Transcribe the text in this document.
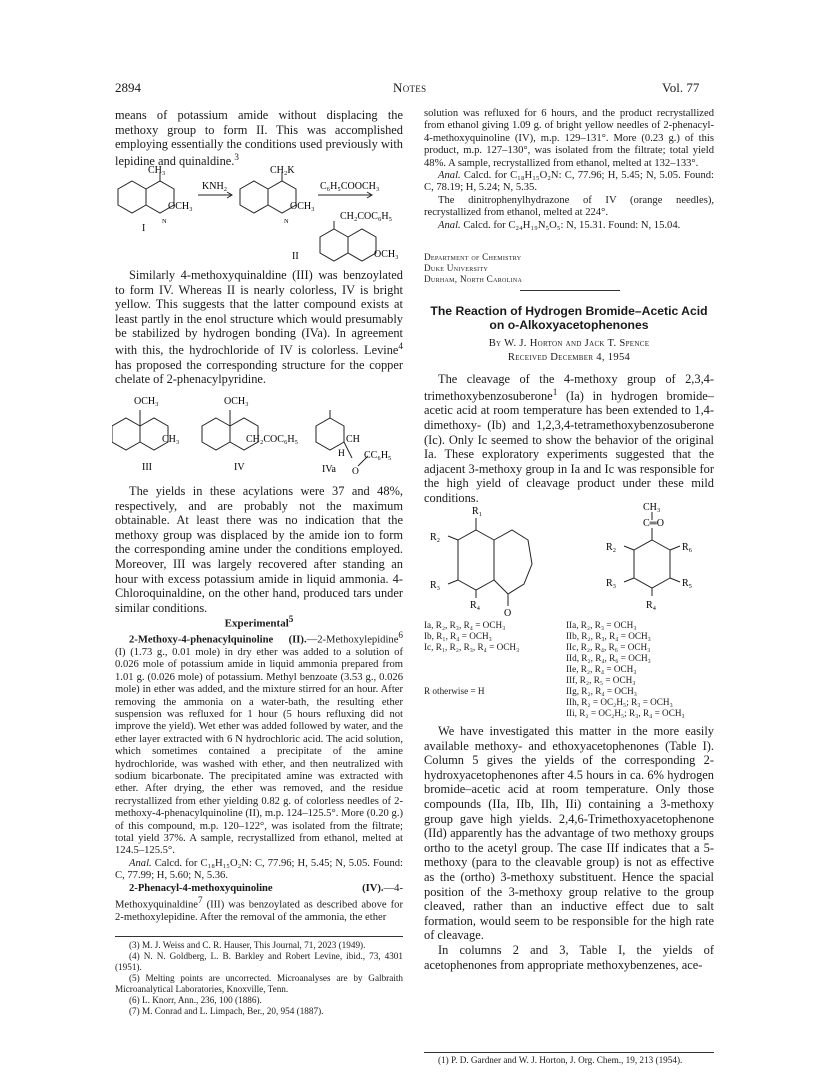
2894	Notes	Vol. 77

means of potassium amide without displacing the methoxy group to form II. This was accomplished employing essentially the conditions used previously with lepidine and quinaldine.$^3$

CH₃
OCH₃
N
I
KNH₂
CH₂K
OCH₃
N
C₆H₅COOCH₃
CH₂COC₆H₅
OCH₃
II

Similarly 4-methoxyquinaldine (III) was benzoylated to form IV. Whereas II is nearly colorless, IV is bright yellow. This suggests that the latter compound exists at least partly in the enol structure which would presumably be stabilized by hydrogen bonding (IVa). In agreement with this, the hydrochloride of IV is colorless. Levine$^4$ has proposed the corresponding structure for the copper chelate of 2-phenacylpyridine.

OCH₃
CH₃
III
OCH₃
CH₂COC₆H₅
IV
CH
H CC₆H₅
O
IVa

The yields in these acylations were 37 and 48%, respectively, and are probably not the maximum obtainable. At least there was no indication that the methoxy group was displaced by the amide ion to form the corresponding amine under the conditions employed. Moreover, III was largely recovered after standing an hour with excess potassium amide in liquid ammonia. 4-Chloroquinaldine, on the other hand, produced tars under similar conditions.

Experimental$^5$

2-Methoxy-4-phenacylquinoline (II).—2-Methoxylepidine$^6$ (I) (1.73 g., 0.01 mole) in dry ether was added to a solution of 0.026 mole of potassium amide in liquid ammonia prepared from 1.01 g. (0.026 mole) of potassium. Methyl benzoate (3.53 g., 0.026 mole) in ether was added, and the mixture stirred for an hour. After removing the ammonia on a water-bath, the resulting ether suspension was refluxed for 1 hour (5 hours refluxing did not improve the yield). Wet ether was added followed by water, and the ether layer extracted with 6 N hydrochloric acid. The acid solution, which sometimes contained a precipitate of the amine hydrochloride, was washed with ether, and then neutralized with sodium bicarbonate. The precipitated amine was extracted with ether. After drying, the ether was removed, and the residue recrystallized from ether yielding 0.82 g. of colorless needles of 2-methoxy-4-phenacylquinoline (II), m.p. 124–125.5°. More (0.20 g.) of this compound, m.p. 120–122°, was isolated from the filtrate; total yield 37%. A sample, recrystallized from ethanol, melted at 124.5–125.5°.

Anal. Calcd. for C₁₈H₁₅O₂N: C, 77.96; H, 5.45; N, 5.05. Found: C, 77.99; H, 5.60; N, 5.36.

2-Phenacyl-4-methoxyquinoline (IV).—4-Methoxyquinaldine$^7$ (III) was benzoylated as described above for 2-methoxylepidine. After the removal of the ammonia, the ether

(3) M. J. Weiss and C. R. Hauser, This Journal, 71, 2023 (1949).

(4) N. N. Goldberg, L. B. Barkley and Robert Levine, ibid., 73, 4301 (1951).

(5) Melting points are uncorrected. Microanalyses are by Galbraith Microanalytical Laboratories, Knoxville, Tenn.

(6) L. Knorr, Ann., 236, 100 (1886).

(7) M. Conrad and L. Limpach, Ber., 20, 954 (1887).

solution was refluxed for 6 hours, and the product recrystallized from ethanol giving 1.09 g. of bright yellow needles of 2-phenacyl-4-methoxyquinoline (IV), m.p. 129–131°. More (0.23 g.) of this product, m.p. 127–130°, was isolated from the filtrate; total yield 48%. A sample, recrystallized from ethanol, melted at 132–133°.

Anal. Calcd. for C₁₈H₁₅O₂N: C, 77.96; H, 5.45; N, 5.05. Found: C, 78.19; H, 5.24; N, 5.35.

The dinitrophenylhydrazone of IV (orange needles), recrystallized from ethanol, melted at 224°.

Anal. Calcd. for C₂₄H₁₉N₅O₅: N, 15.31. Found: N, 15.04.

Department of Chemistry

Duke University

Durham, North Carolina

The Reaction of Hydrogen Bromide–Acetic Acid on o-Alkoxyacetophenones
By W. J. Horton and Jack T. Spence
Received December 4, 1954

The cleavage of the 4-methoxy group of 2,3,4-trimethoxybenzosuberone$^1$ (Ia) in hydrogen bromide–acetic acid at room temperature has been extended to 1,4-dimethoxy- (Ib) and 1,2,3,4-tetramethoxybenzosuberone (Ic). Only Ic seemed to show the behavior of the original Ia. These exploratory experiments suggested that the adjacent 3-methoxy group in Ia and Ic was responsible for the high yield of cleavage product under these mild conditions.

R₁
R₂
R₃
R₄
O
CH₃
C═O
R₂
R₃
R₄
R₅
R₆

Ia, R₂, R₃, R₄ = OCH₃

Ib, R₁, R₄ = OCH₃

Ic, R₁, R₂, R₃, R₄ = OCH₃

R otherwise = H

IIa, R₂, R₃ = OCH₃

IIb, R₂, R₃, R₄ = OCH₃

IIc, R₂, R₄, R₆ = OCH₃

IId, R₂, R₄, R₆ = OCH₃

IIe, R₂, R₄ = OCH₃

IIf, R₂, R₅ = OCH₃

IIg, R₂, R₄ = OCH₃

IIh, R₂ = OC₂H₅; R₃ = OCH₃

IIi, R₂ = OC₂H₅; R₃, R₄ = OCH₃

We have investigated this matter in the more easily available methoxy- and ethoxyacetophenones (Table I). Column 5 gives the yields of the corresponding 2-hydroxyacetophenones after 4.5 hours in ca. 6% hydrogen bromide–acetic acid at room temperature. Only those compounds (IIa, IIb, IIh, IIi) containing a 3-methoxy group gave high yields. 2,4,6-Trimethoxyacetophenone (IId) apparently has the advantage of two methoxy groups ortho to the acetyl group. The case IIf indicates that a 5-methoxy (para to the cleavable group) is not as effective as the (ortho) 3-methoxy substituent. Hence the spacial position of the 3-methoxy group relative to the group cleaved, rather than an inductive effect due to salt formation, would seem to be responsible for the high rate of cleavage.

In columns 2 and 3, Table I, the yields of acetophenones from appropriate methoxybenzenes, ace-

(1) P. D. Gardner and W. J. Horton, J. Org. Chem., 19, 213 (1954).
